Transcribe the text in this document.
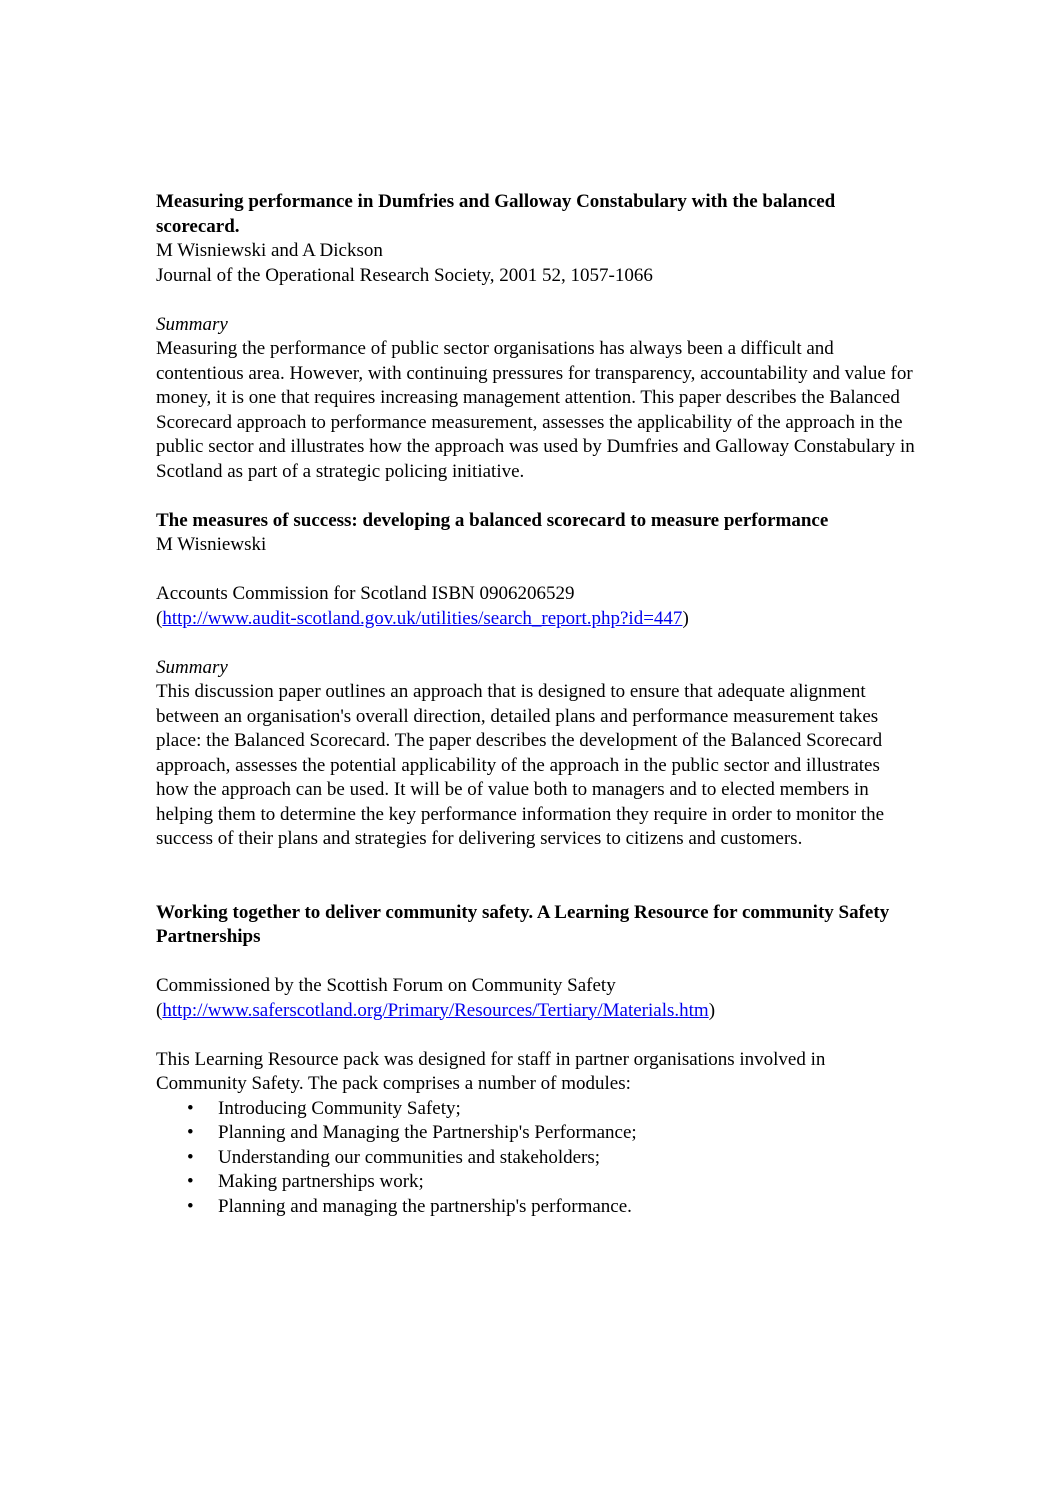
Measuring performance in Dumfries and Galloway Constabulary with the balanced scorecard.
M Wisniewski and A Dickson
Journal of the Operational Research Society, 2001 52, 1057-1066
Summary

Measuring the performance of public sector organisations has always been a difficult and contentious area. However, with continuing pressures for transparency, accountability and value for money, it is one that requires increasing management attention. This paper describes the Balanced Scorecard approach to performance measurement, assesses the applicability of the approach in the public sector and illustrates how the approach was used by Dumfries and Galloway Constabulary in Scotland as part of a strategic policing initiative.

The measures of success: developing a balanced scorecard to measure performance
M Wisniewski
Accounts Commission for Scotland ISBN 0906206529
(http://www.audit-scotland.gov.uk/utilities/search_report.php?id=447)
Summary

This discussion paper outlines an approach that is designed to ensure that adequate alignment between an organisation's overall direction, detailed plans and performance measurement takes place: the Balanced Scorecard. The paper describes the development of the Balanced Scorecard approach, assesses the potential applicability of the approach in the public sector and illustrates how the approach can be used. It will be of value both to managers and to elected members in helping them to determine the key performance information they require in order to monitor the success of their plans and strategies for delivering services to citizens and customers.

Working together to deliver community safety. A Learning Resource for community Safety Partnerships
Commissioned by the Scottish Forum on Community Safety
(http://www.saferscotland.org/Primary/Resources/Tertiary/Materials.htm)

This Learning Resource pack was designed for staff in partner organisations involved in Community Safety. The pack comprises a number of modules:

• Introducing Community Safety;
• Planning and Managing the Partnership's Performance;
• Understanding our communities and stakeholders;
• Making partnerships work;
• Planning and managing the partnership's performance.
